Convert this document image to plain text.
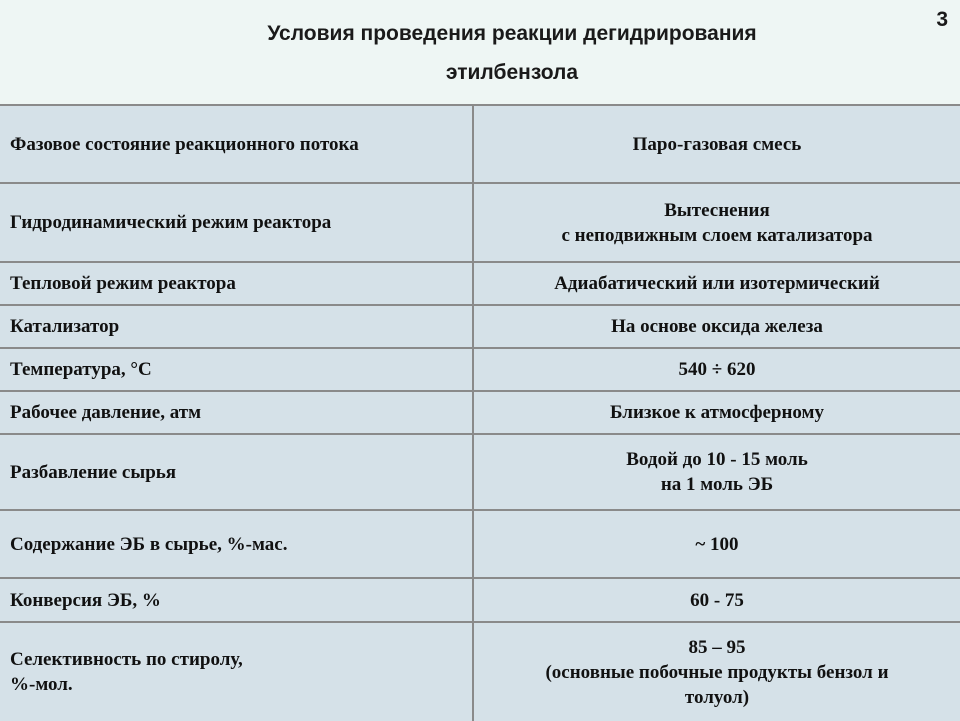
Условия проведения реакции дегидрирования
этилбензола
3
Фазовое состояние реакционного потока	Паро-газовая смесь
Гидродинамический режим реактора	Вытеснения
с неподвижным слоем катализатора
Тепловой режим реактора	Адиабатический или изотермический
Катализатор	На основе оксида железа
Температура, °С	540 ÷ 620
Рабочее давление, атм	Близкое к атмосферному
Разбавление сырья	Водой до 10 - 15 моль
на 1 моль ЭБ
Содержание ЭБ в сырье, %-мас.	~ 100
Конверсия ЭБ, %	60 - 75
Селективность по стиролу,
%-мол.	85 – 95
(основные побочные продукты бензол и
толуол)
